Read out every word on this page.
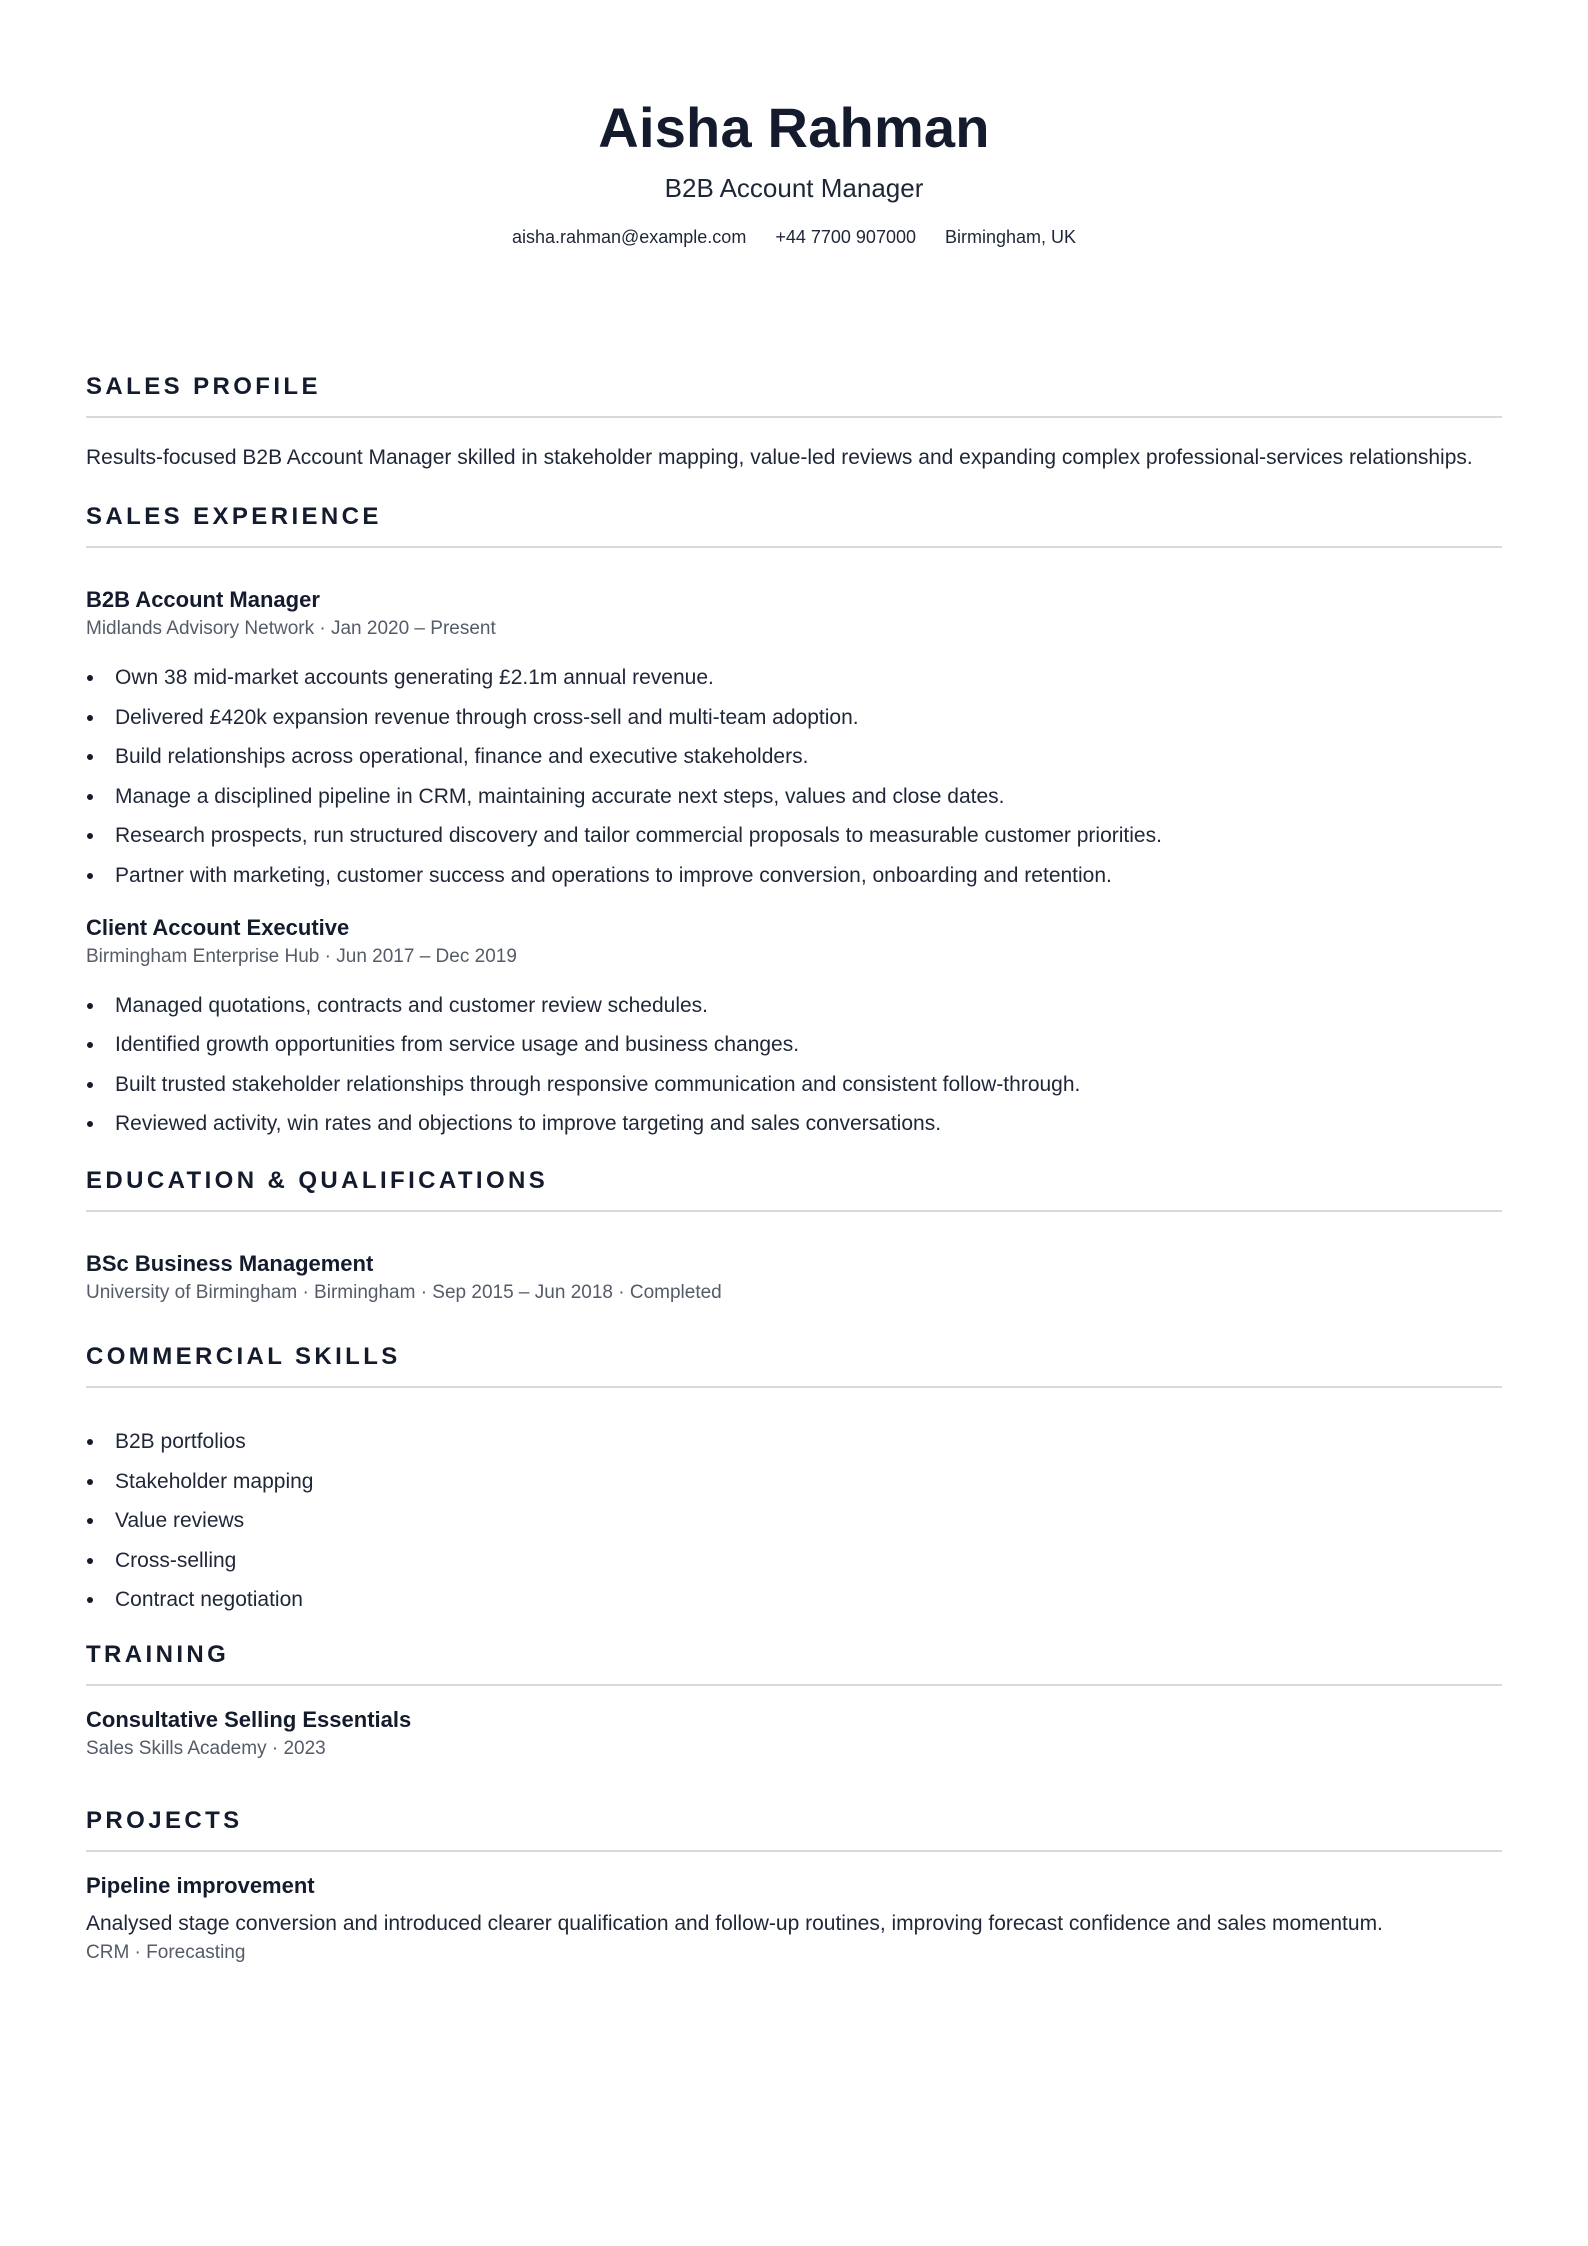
Aisha Rahman
B2B Account Manager
aisha.rahman@example.com +44 7700 907000 Birmingham, UK
SALES PROFILE

Results-focused B2B Account Manager skilled in stakeholder mapping, value-led reviews and expanding complex professional-services relationships.

SALES EXPERIENCE
B2B Account Manager
Midlands Advisory Network · Jan 2020 – Present
Own 38 mid-market accounts generating £2.1m annual revenue.
Delivered £420k expansion revenue through cross-sell and multi-team adoption.
Build relationships across operational, finance and executive stakeholders.
Manage a disciplined pipeline in CRM, maintaining accurate next steps, values and close dates.
Research prospects, run structured discovery and tailor commercial proposals to measurable customer priorities.
Partner with marketing, customer success and operations to improve conversion, onboarding and retention.
Client Account Executive
Birmingham Enterprise Hub · Jun 2017 – Dec 2019
Managed quotations, contracts and customer review schedules.
Identified growth opportunities from service usage and business changes.
Built trusted stakeholder relationships through responsive communication and consistent follow-through.
Reviewed activity, win rates and objections to improve targeting and sales conversations.
EDUCATION & QUALIFICATIONS
BSc Business Management
University of Birmingham · Birmingham · Sep 2015 – Jun 2018 · Completed
COMMERCIAL SKILLS
B2B portfolios
Stakeholder mapping
Value reviews
Cross-selling
Contract negotiation
TRAINING
Consultative Selling Essentials
Sales Skills Academy · 2023
PROJECTS
Pipeline improvement

Analysed stage conversion and introduced clearer qualification and follow-up routines, improving forecast confidence and sales momentum.

CRM · Forecasting
